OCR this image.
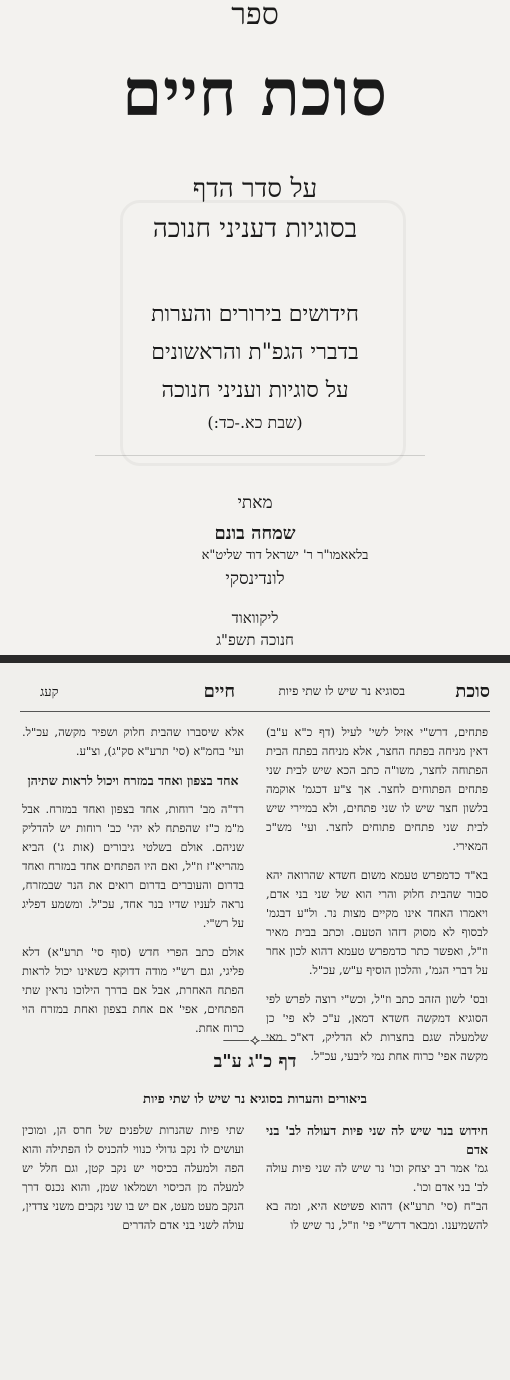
ספר
סוכת חיים
על סדר הדף
בסוגיות דעניני חנוכה
חידושים בירורים והערות
בדברי הגפ"ת והראשונים
על סוגיות ועניני חנוכה
(שבת כא.-כד:)
מאתי
שמחה בונם
בלאאמו"ר ר' ישראל דוד שליט"א
לונדינסקי
ליקוואוד
חנוכה תשפ"ג
סוכת
בסוגיא נר שיש לו שתי פיות
חיים
קעג

פתחים, דרש"י אזיל לשי' לעיל (דף כ"א ע"ב) דאין מניחה בפתח החצר, אלא מניחה בפתח הבית הפתוחה לחצר, משו"ה כתב הכא שיש לבית שני פתחים הפתוחים לחצר. אך צ"ע דכגמ' אוקמה בלשון חצר שיש לו שני פתחים, ולא במיירי שיש לבית שני פתחים פתוחים לחצר. ועי' מש"כ המאירי.

בא"ד כדמפרש טעמא משום חשדא שהרואה יהא סבור שהבית חלוק והרי הוא של שני בני אדם, ויאמרו האחד אינו מקיים מצות נר. ול"ע דבגמ' לבסוף לא מסוק דזהו הטעם. וכתב בבית מאיר וז"ל, ואפשר כתר כדמפרש טעמא דהוא לכון אחר על דברי הגמ', והלכון הוסיף ע"ש, עכ"ל.

ובס' לשון הזהב כתב וז"ל, וכש"י רוצה לפרש לפי הסוגיא דמקשה חשדא דמאן, ע"כ לא פי' כן שלמעלה שגם בחצרות לא הדליק, דא"כ מאי מקשה אפי' כרוח אחת נמי ליבעי, עכ"ל.

אלא שיסברו שהבית חלוק ושפיר מקשה, עכ"ל. ועי' בחמ"א (סי' תרע"א סק"ג), וצ"ע.

אחד בצפון ואחד במזרח ויכול לראות שתיהן

רד"ה מב' רוחות, אחד בצפון ואחד במזרח. אבל מ"מ כ"ז שהפתח לא יהי' כב' רוחות יש להדליק שניהם. אולם בשלטי גיבורים (אות ג') הביא מהריא"ז וז"ל, ואם היו הפתחים אחד במזרח ואחד בדרום והעוברים בדרום רואים את הנר שבמזרח, נראה לעניו שדיו בנר אחד, עכ"ל. ומשמע דפליג על רש"י.

אולם כתב הפרי חדש (סוף סי' תרע"א) דלא פליגי, וגם רש"י מודה דדוקא כשאינו יכול לראות הפתח האחרת, אבל אם בדרך הילוכו נראין שתי הפתחים, אפי' אם אחת בצפון ואחת במזרח הוי כרוח אחת.

⸺⟡⸺
דף כ"ג ע"ב
ביאורים והערות בסוגיא נר שיש לו שתי פיות

חידוש בנר שיש לה שני פיות דעולה לב' בני אדם

גמ' אמר רב יצחק וכו' נר שיש לה שני פיות עולה לב' בני אדם וכו'.

הב"ח (סי' תרע"א) דהוא פשיטא היא, ומה בא להשמיענו. ומבאר דרש"י פי' וז"ל, נר שיש לו

שתי פיות שהנרות שלפנים של חרס הן, ומוכין ועושים לו נקב גדולי כנווי להכניס לו הפתילה והוא הפה ולמעלה בכיסוי יש נקב קטן, וגם חלל יש למעלה מן הכיסוי ושמלאו שמן, והוא נכנס דרך הנקב מעט מעט, אם יש בו שני נקבים משני צדדין, עולה לשני בני אדם להדרים
